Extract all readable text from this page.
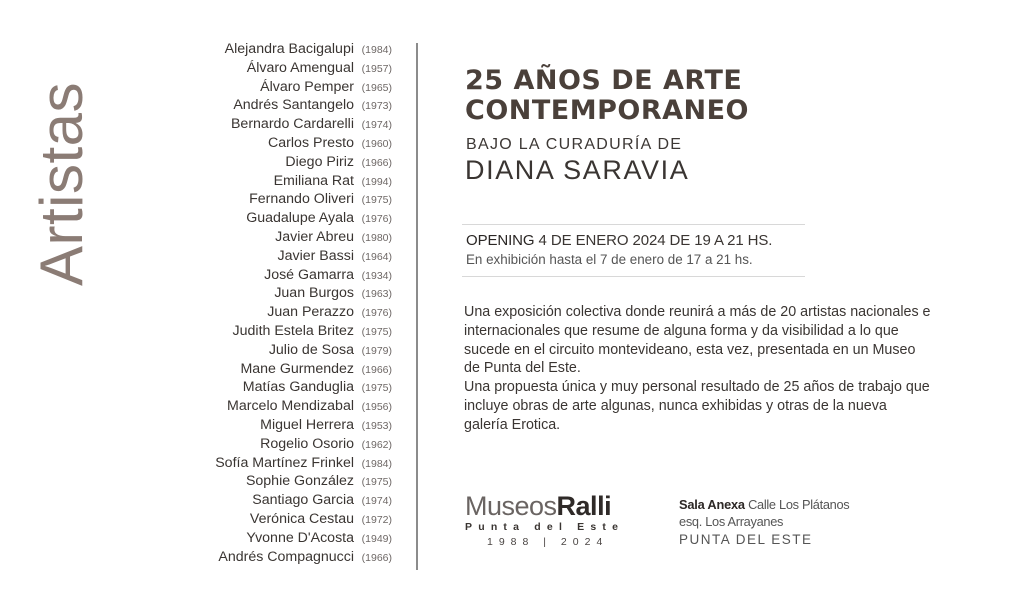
Artistas
Alejandra Bacigalupi (1984)
Álvaro Amengual (1957)
Álvaro Pemper (1965)
Andrés Santangelo (1973)
Bernardo Cardarelli (1974)
Carlos Presto (1960)
Diego Piriz (1966)
Emiliana Rat (1994)
Fernando Oliveri (1975)
Guadalupe Ayala (1976)
Javier Abreu (1980)
Javier Bassi (1964)
José Gamarra (1934)
Juan Burgos (1963)
Juan Perazzo (1976)
Judith Estela Britez (1975)
Julio de Sosa (1979)
Mane Gurmendez (1966)
Matías Ganduglia (1975)
Marcelo Mendizabal (1956)
Miguel Herrera (1953)
Rogelio Osorio (1962)
Sofía Martínez Frinkel (1984)
Sophie González (1975)
Santiago Garcia (1974)
Verónica Cestau (1972)
Yvonne D'Acosta (1949)
Andrés Compagnucci (1966)
25 AÑOS DE ARTE
CONTEMPORANEO

BAJO LA CURADURÍA DE

DIANA SARAVIA

OPENING 4 DE ENERO 2024 DE 19 A 21 HS.
En exhibición hasta el 7 de enero de 17 a 21 hs.

Una exposición colectiva donde reunirá a más de 20 artistas nacionales e internacionales que resume de alguna forma y da visibilidad a lo que sucede en el circuito montevideano, esta vez, presentada en un Museo de Punta del Este.

Una propuesta única y muy personal resultado de 25 años de trabajo que incluye obras de arte algunas, nunca exhibidas y otras de la nueva galería Erotica.

MuseosRalli
Punta del Este
1988 | 2024
Sala Anexa Calle Los Plátanos
esq. Los Arrayanes
PUNTA DEL ESTE
